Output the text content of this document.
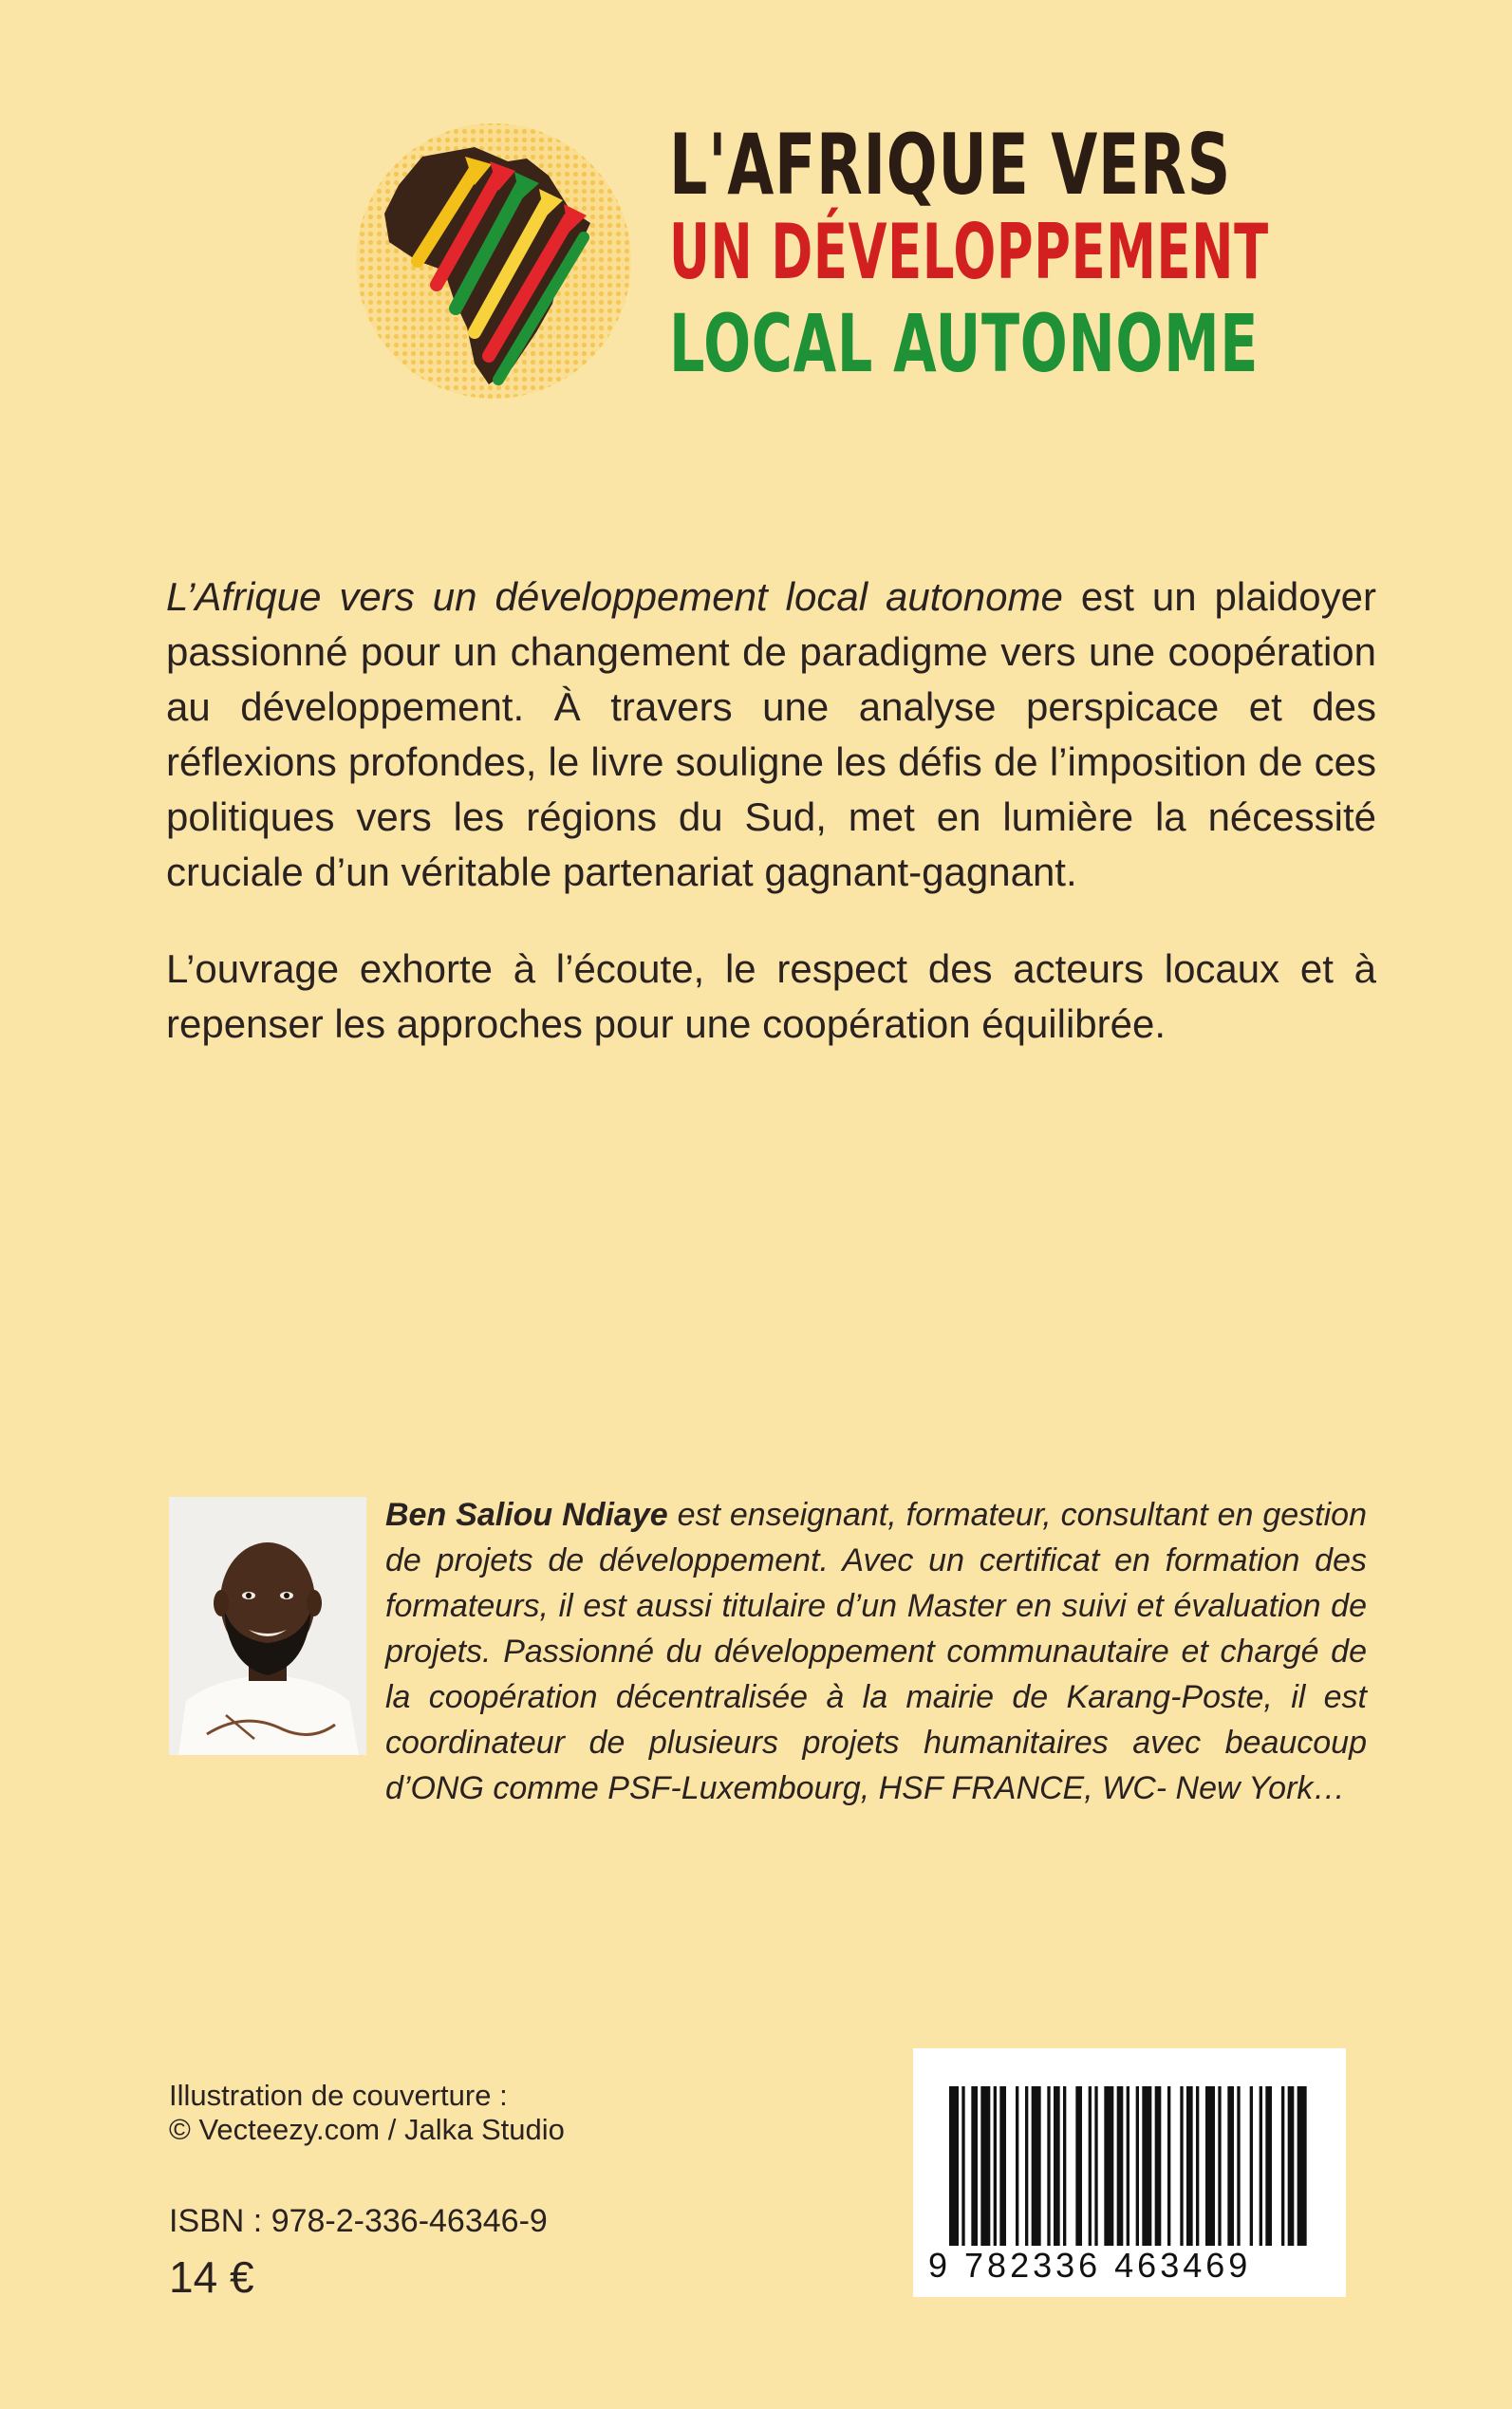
L'AFRIQUE VERS
UN DÉVELOPPEMENT
LOCAL AUTONOME

L’Afrique vers un développement local autonome est un plaidoyer passionné pour un changement de paradigme vers une coopération au développement. À travers une analyse perspicace et des réflexions profondes, le livre souligne les défis de l’imposition de ces politiques vers les régions du Sud, met en lumière la nécessité cruciale d’un véritable partenariat gagnant-gagnant.

L’ouvrage exhorte à l’écoute, le respect des acteurs locaux et à repenser les approches pour une coopération équilibrée.

Ben Saliou Ndiaye est enseignant, formateur, consultant en gestion de projets de développement. Avec un certificat en formation des formateurs, il est aussi titulaire d’un Master en suivi et évaluation de projets. Passionné du développement communautaire et chargé de la coopération décentralisée à la mairie de Karang-Poste, il est coordinateur de plusieurs projets humanitaires avec beaucoup d’ONG comme PSF-Luxembourg, HSF FRANCE, WC- New York…
Illustration de couverture :
© Vecteezy.com / Jalka Studio
ISBN : 978-2-336-46346-9
14 €	9 782336 463469
